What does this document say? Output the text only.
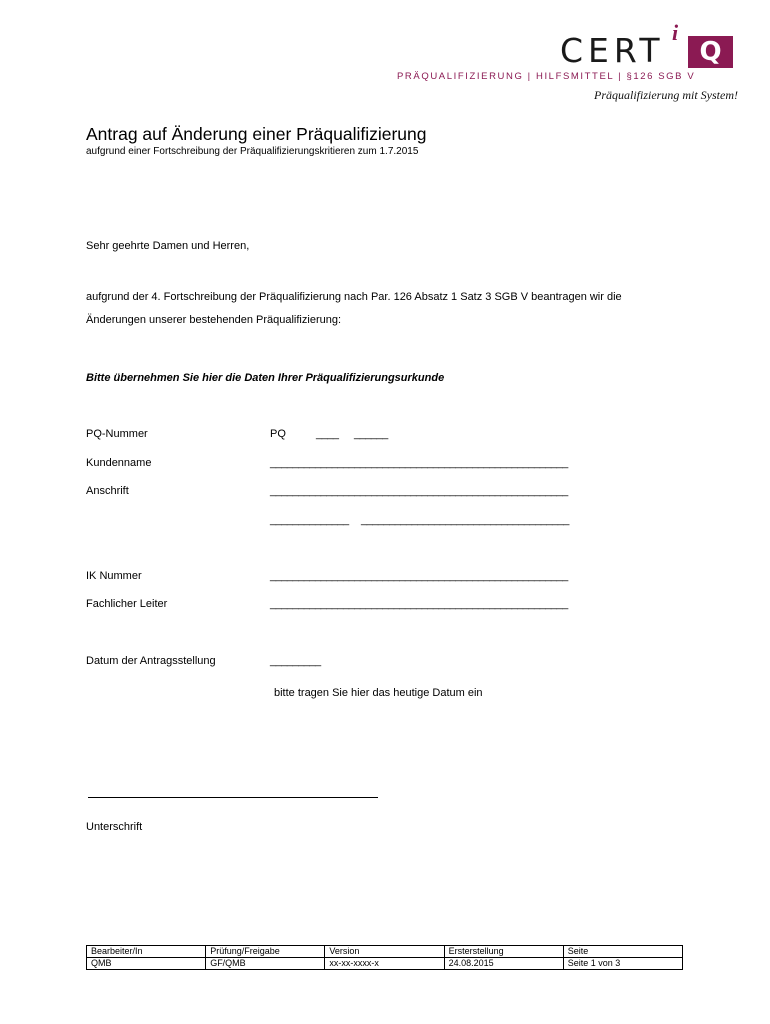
CERT i
Q
PRÄQUALIFIZIERUNG | HILFSMITTEL | §126 SGB V
Präqualifizierung mit System!
Antrag auf Änderung einer Präqualifizierung
aufgrund einer Fortschreibung der Präqualifizierungskritieren zum 1.7.2015
Sehr geehrte Damen und Herren,
aufgrund der 4. Fortschreibung der Präqualifizierung nach Par. 126 Absatz 1 Satz 3 SGB V beantragen wir die
Änderungen unserer bestehenden Präqualifizierung:
Bitte übernehmen Sie hier die Daten Ihrer Präqualifizierungsurkunde
PQ-Nummer	PQ	____ ______
Kundenname	_____________________________________________________
Anschrift	_____________________________________________________
______________ _____________________________________
IK Nummer	_____________________________________________________
Fachlicher Leiter	_____________________________________________________
Datum der Antragsstellung	_________
bitte tragen Sie hier das heutige Datum ein
Unterschrift
Bearbeiter/In	Prüfung/Freigabe	Version	Ersterstellung	Seite
QMB	GF/QMB	xx-xx-xxxx-x	24.08.2015	Seite 1 von 3
